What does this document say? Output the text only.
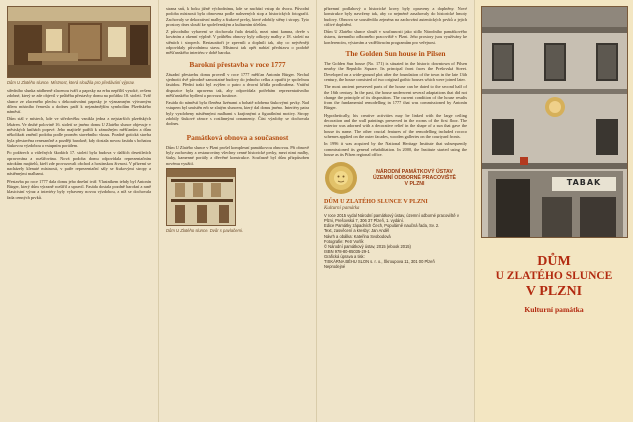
Dům U Zlatého slunce. Místnost, která sloužila pro předávání výprav.

středního slunka nádherně zlacenou tváří a paprsky na erbu nepříliš vysoké, ovšem zdobné, který se zde objevil v průběhu přestavby domu na počátku 18. století. Tvář slunce ze zlaceného plechu s dekorativními paprsky je významným výtvarným dílem místního řemesla a dodnes patří k nejznámějším symbolům Plzeňského náměstí.

Dům stál v místech, kde ve středověku vznikla jedna z nejstarších plzeňských lékáren. Ve druhé polovině 16. století se jméno domu U Zlatého slunce objevuje v městských knihách poprvé. Jeho majitelé patřili k zámožným měšťanům a dům několikrát změnil podobu podle proměn stavebního vkusu. Pozdně gotická stavba byla přestavěna renesančně a později barokně, kdy dostala novou fasádu s bohatou štukovou výzdobou a vstupním portálem.

Po požárech a válečných škodách 17. století byla budova v dalších desetiletích opravována a rozšiřována. Nová podoba domu odpovídala reprezentačním nárokům majitelů, kteří zde provozovali obchod a hostinskou živnost. V přízemí se nacházely klenuté místnosti, v patře reprezentační sály se štukovými stropy a nástěnnými malbami.

Přestavba po roce 1777 dala domu jeho dnešní tvář. Vlastníkem tehdy byl Antonín Bürger, který dům výrazně rozšířil a upravil. Fasáda dostala pozdně barokní a raně klasicistní výraz a interiéry byly vybaveny novou výzdobou, z níž se dochovala řada cenných prvků.

strana snů, k boku jižně východnímu, kde se nachází vstup do dvora. Původní podoba místnosti byla obnovena podle nalezených stop a historických fotografií. Zachovaly se dekorativní malby a štukové prvky, které zdobily stěny i stropy. Tyto prostory dnes slouží ke společenským a kulturním účelům.

Z původního vybavení se dochovala řada detailů, mezi nimi kamna, dveře s kováním a okenní výplně. V průběhu obnovy byly odkryty malby z 18. století na stěnách i stropech. Restaurátoři je zpevnili a doplnili tak, aby co nejvěrněji odpovídaly původnímu stavu. Místnost tak opět nabízí představu o podobě měšťanského interiéru v době baroka.

Barokní přestavba v roce 1777

Zásadní přestavbu domu provedl v roce 1777 měšťan Antonín Bürger. Nechal sjednotit dvě původně samostatné budovy do jednoho celku a opatřit je společnou fasádou. Přední trakt byl zvýšen o patro a dvorní křídla prodloužena. Vnitřní dispozice byla upravena tak, aby odpovídala potřebám reprezentativního měšťanského bydlení a provozu hostince.

Fasáda do náměstí byla členěna lizénami a bohatě zdobena štukovými prvky. Nad vstupem byl umístěn erb se zlatým sluncem, který dal domu jméno. Interiéry patra byly vyzdobeny nástěnnými malbami s krajinnými a figurálními motivy. Stropy zdobily štukové rámce s rostlinnými ornamenty. Část výzdoby se dochovala dodnes.

Památková obnova a současnost

Dům U Zlatého slunce v Plzni prošel komplexní památkovou obnovou. Při obnově byly zachovány a restaurovány všechny cenné historické prvky, mezi nimi malby, štuky, kamenné portály a dřevěné konstrukce. Současně byl dům přizpůsoben novému využití.

Dům U Zlatého slunce. Dvůr s pavlačemi.

přízemní podlahový a historické krovy byly opraveny a doplněny. Nové konstrukce byly navrženy tak, aby co nejméně zasahovaly do historické hmoty budovy. Obnova se soustředila zejména na zachování autentických prvků a jejich citlivé doplnění.

Dům U Zlatého slunce slouží v současnosti jako sídlo Národního památkového ústavu, územního odborného pracoviště v Plzni. Jeho prostory jsou využívány ke konferencím, výstavám a vzdělávacím programům pro veřejnost.

The Golden Sun house in Pilsen

The Golden Sun house (No. 171) is situated in the historic downtown of Pilsen nearby the Republic Square. Its principal front faces the Prešovská Street. Developed on a wide-ground plot after the foundation of the town in the late 13th century, the house consisted of two original gothic houses which were joined later.

The most ancient preserved parts of the house can be dated to the second half of the 16th century. In the past, the house underwent several adaptations that did not change the principle of its disposition. The current condition of the house results from the fundamental remodelling in 1777 that was commissioned by Antonín Bürger.

Hypothetically, his creative activities may be linked with the large ceiling decoration and the wall paintings preserved in the rooms of the first floor. The exterior was adorned with a decorative relief in the shape of a sun that gave the house its name. The other crucial features of the remodelling included rococo schemes applied on the outer facades, wooden galleries on the courtyard fronts.

In 1996 it was acquired by the National Heritage Institute that subsequently commissioned its general rehabilitation. In 2000, the Institute started using the house as its Pilsen regional office.

NÁRODNÍ PAMÁTKOVÝ ÚSTAV
ÚZEMNÍ ODBORNÉ PRACOVIŠTĚ
V PLZNI
DŮM U ZLATÉHO SLUNCE V PLZNI
Kulturní památka
V roce 2015 vydal Národní památkový ústav, územní odborné pracoviště v Plzni, Prešovská 7, 306 37 Plzeň, 1. vydání.
Edice Památky západních Čech, Populárně naučná řada, Sv. 2.
Text, zasvěcení a kresby: Jan Anděl
Návrh a obálka: Kateřina Svobodová
Fotografie: Petr Vorlík
© Národní památkový ústav, 2015 (ebook 2015)
ISBN 978-80-85035-29-1
Grafická úprava a tisk:
TISKÁRNA BĚHU SLON s. r. o., Škroupova 11, 301 00 Plzeň
Neprodejné
TABAK
DŮM
U ZLATÉHO SLUNCE
V PLZNI
Kulturní památka
